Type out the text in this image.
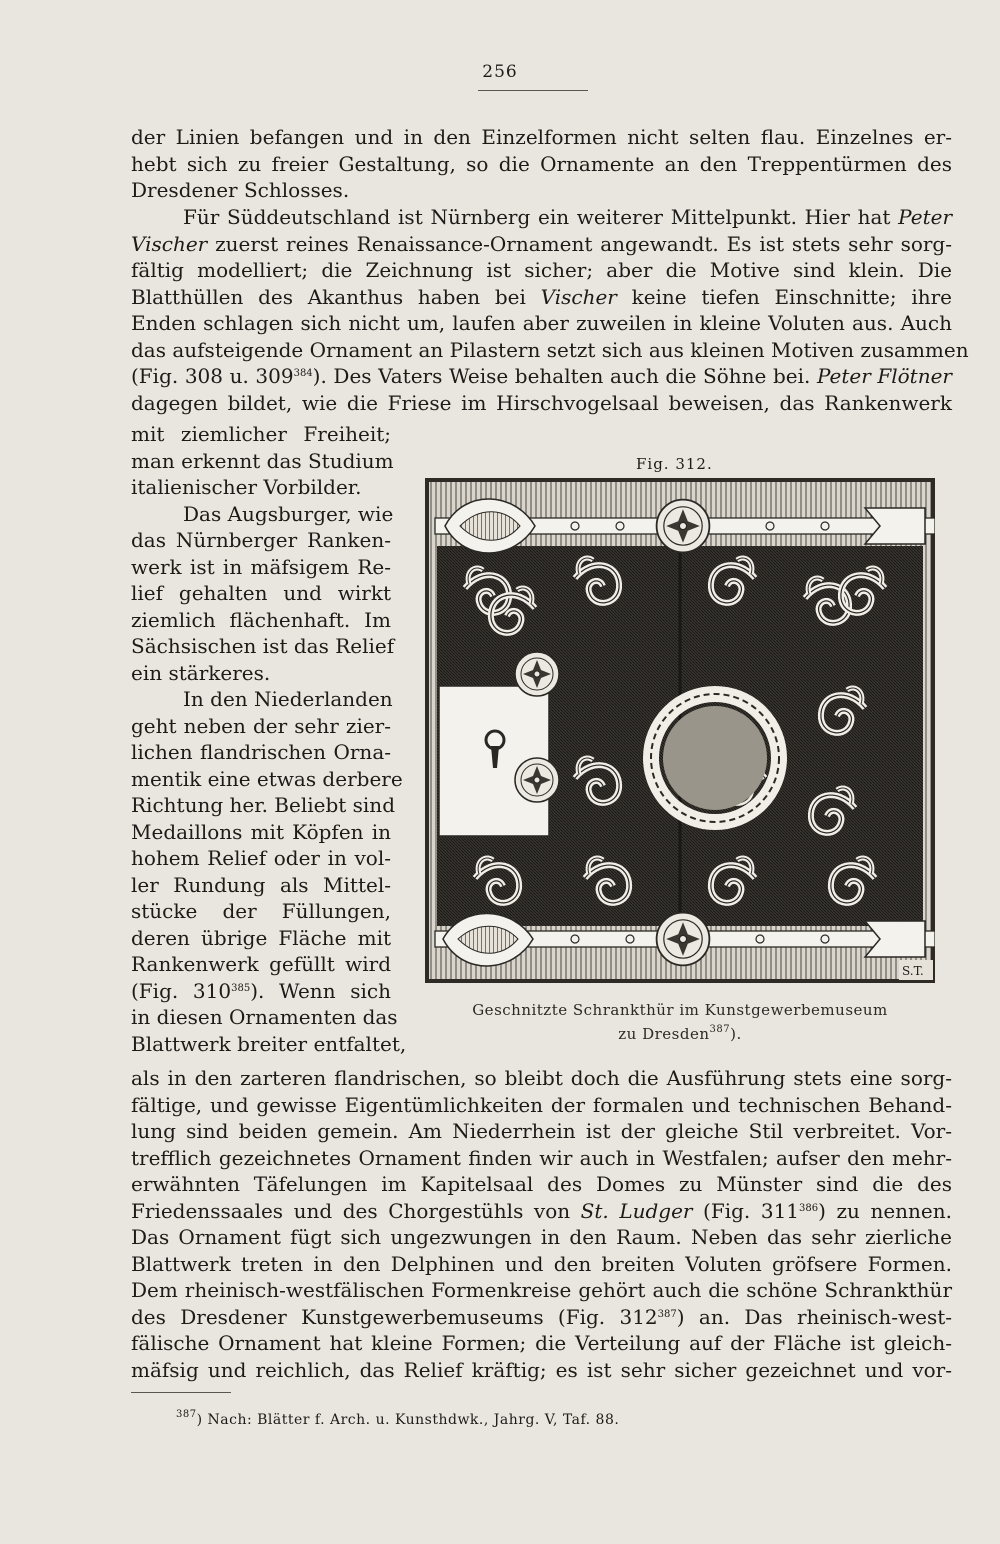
256
der Linien befangen und in den Einzelformen nicht selten flau. Einzelnes er-
hebt sich zu freier Gestaltung, so die Ornamente an den Treppentürmen des
Dresdener Schlosses.
Für Süddeutschland ist Nürnberg ein weiterer Mittelpunkt. Hier hat Peter
Vischer zuerst reines Renaissance-Ornament angewandt. Es ist stets sehr sorg-
fältig modelliert; die Zeichnung ist sicher; aber die Motive sind klein. Die
Blatthüllen des Akanthus haben bei Vischer keine tiefen Einschnitte; ihre
Enden schlagen sich nicht um, laufen aber zuweilen in kleine Voluten aus. Auch
das aufsteigende Ornament an Pilastern setzt sich aus kleinen Motiven zusammen
(Fig. 308 u. $309^{384}$). Des Vaters Weise behalten auch die Söhne bei. Peter Flötner
dagegen bildet, wie die Friese im Hirschvogelsaal beweisen, das Rankenwerk
mit ziemlicher Freiheit;
man erkennt das Studium
italienischer Vorbilder.
Das Augsburger, wie
das Nürnberger Ranken-
werk ist in mäfsigem Re-
lief gehalten und wirkt
ziemlich flächenhaft. Im
Sächsischen ist das Relief
ein stärkeres.
In den Niederlanden
geht neben der sehr zier-
lichen flandrischen Orna-
mentik eine etwas derbere
Richtung her. Beliebt sind
Medaillons mit Köpfen in
hohem Relief oder in vol-
ler Rundung als Mittel-
stücke der Füllungen,
deren übrige Fläche mit
Rankenwerk gefüllt wird
(Fig. $310^{385}$). Wenn sich
in diesen Ornamenten das
Blattwerk breiter entfaltet,
Fig. 312.
S.T.
Geschnitzte Schrankthür im Kunstgewerbemuseum
zu Dresden$^{387}$).
als in den zarteren flandrischen, so bleibt doch die Ausführung stets eine sorg-
fältige, und gewisse Eigentümlichkeiten der formalen und technischen Behand-
lung sind beiden gemein. Am Niederrhein ist der gleiche Stil verbreitet. Vor-
trefflich gezeichnetes Ornament finden wir auch in Westfalen; aufser den mehr-
erwähnten Täfelungen im Kapitelsaal des Domes zu Münster sind die des
Friedenssaales und des Chorgestühls von St. Ludger (Fig. $311^{386}$) zu nennen.
Das Ornament fügt sich ungezwungen in den Raum. Neben das sehr zierliche
Blattwerk treten in den Delphinen und den breiten Voluten gröfsere Formen.
Dem rheinisch-westfälischen Formenkreise gehört auch die schöne Schrankthür
des Dresdener Kunstgewerbemuseums (Fig. $312^{387}$) an. Das rheinisch-west-
fälische Ornament hat kleine Formen; die Verteilung auf der Fläche ist gleich-
mäfsig und reichlich, das Relief kräftig; es ist sehr sicher gezeichnet und vor-
$^{387}$) Nach: Blätter f. Arch. u. Kunsthdwk., Jahrg. V, Taf. 88.
